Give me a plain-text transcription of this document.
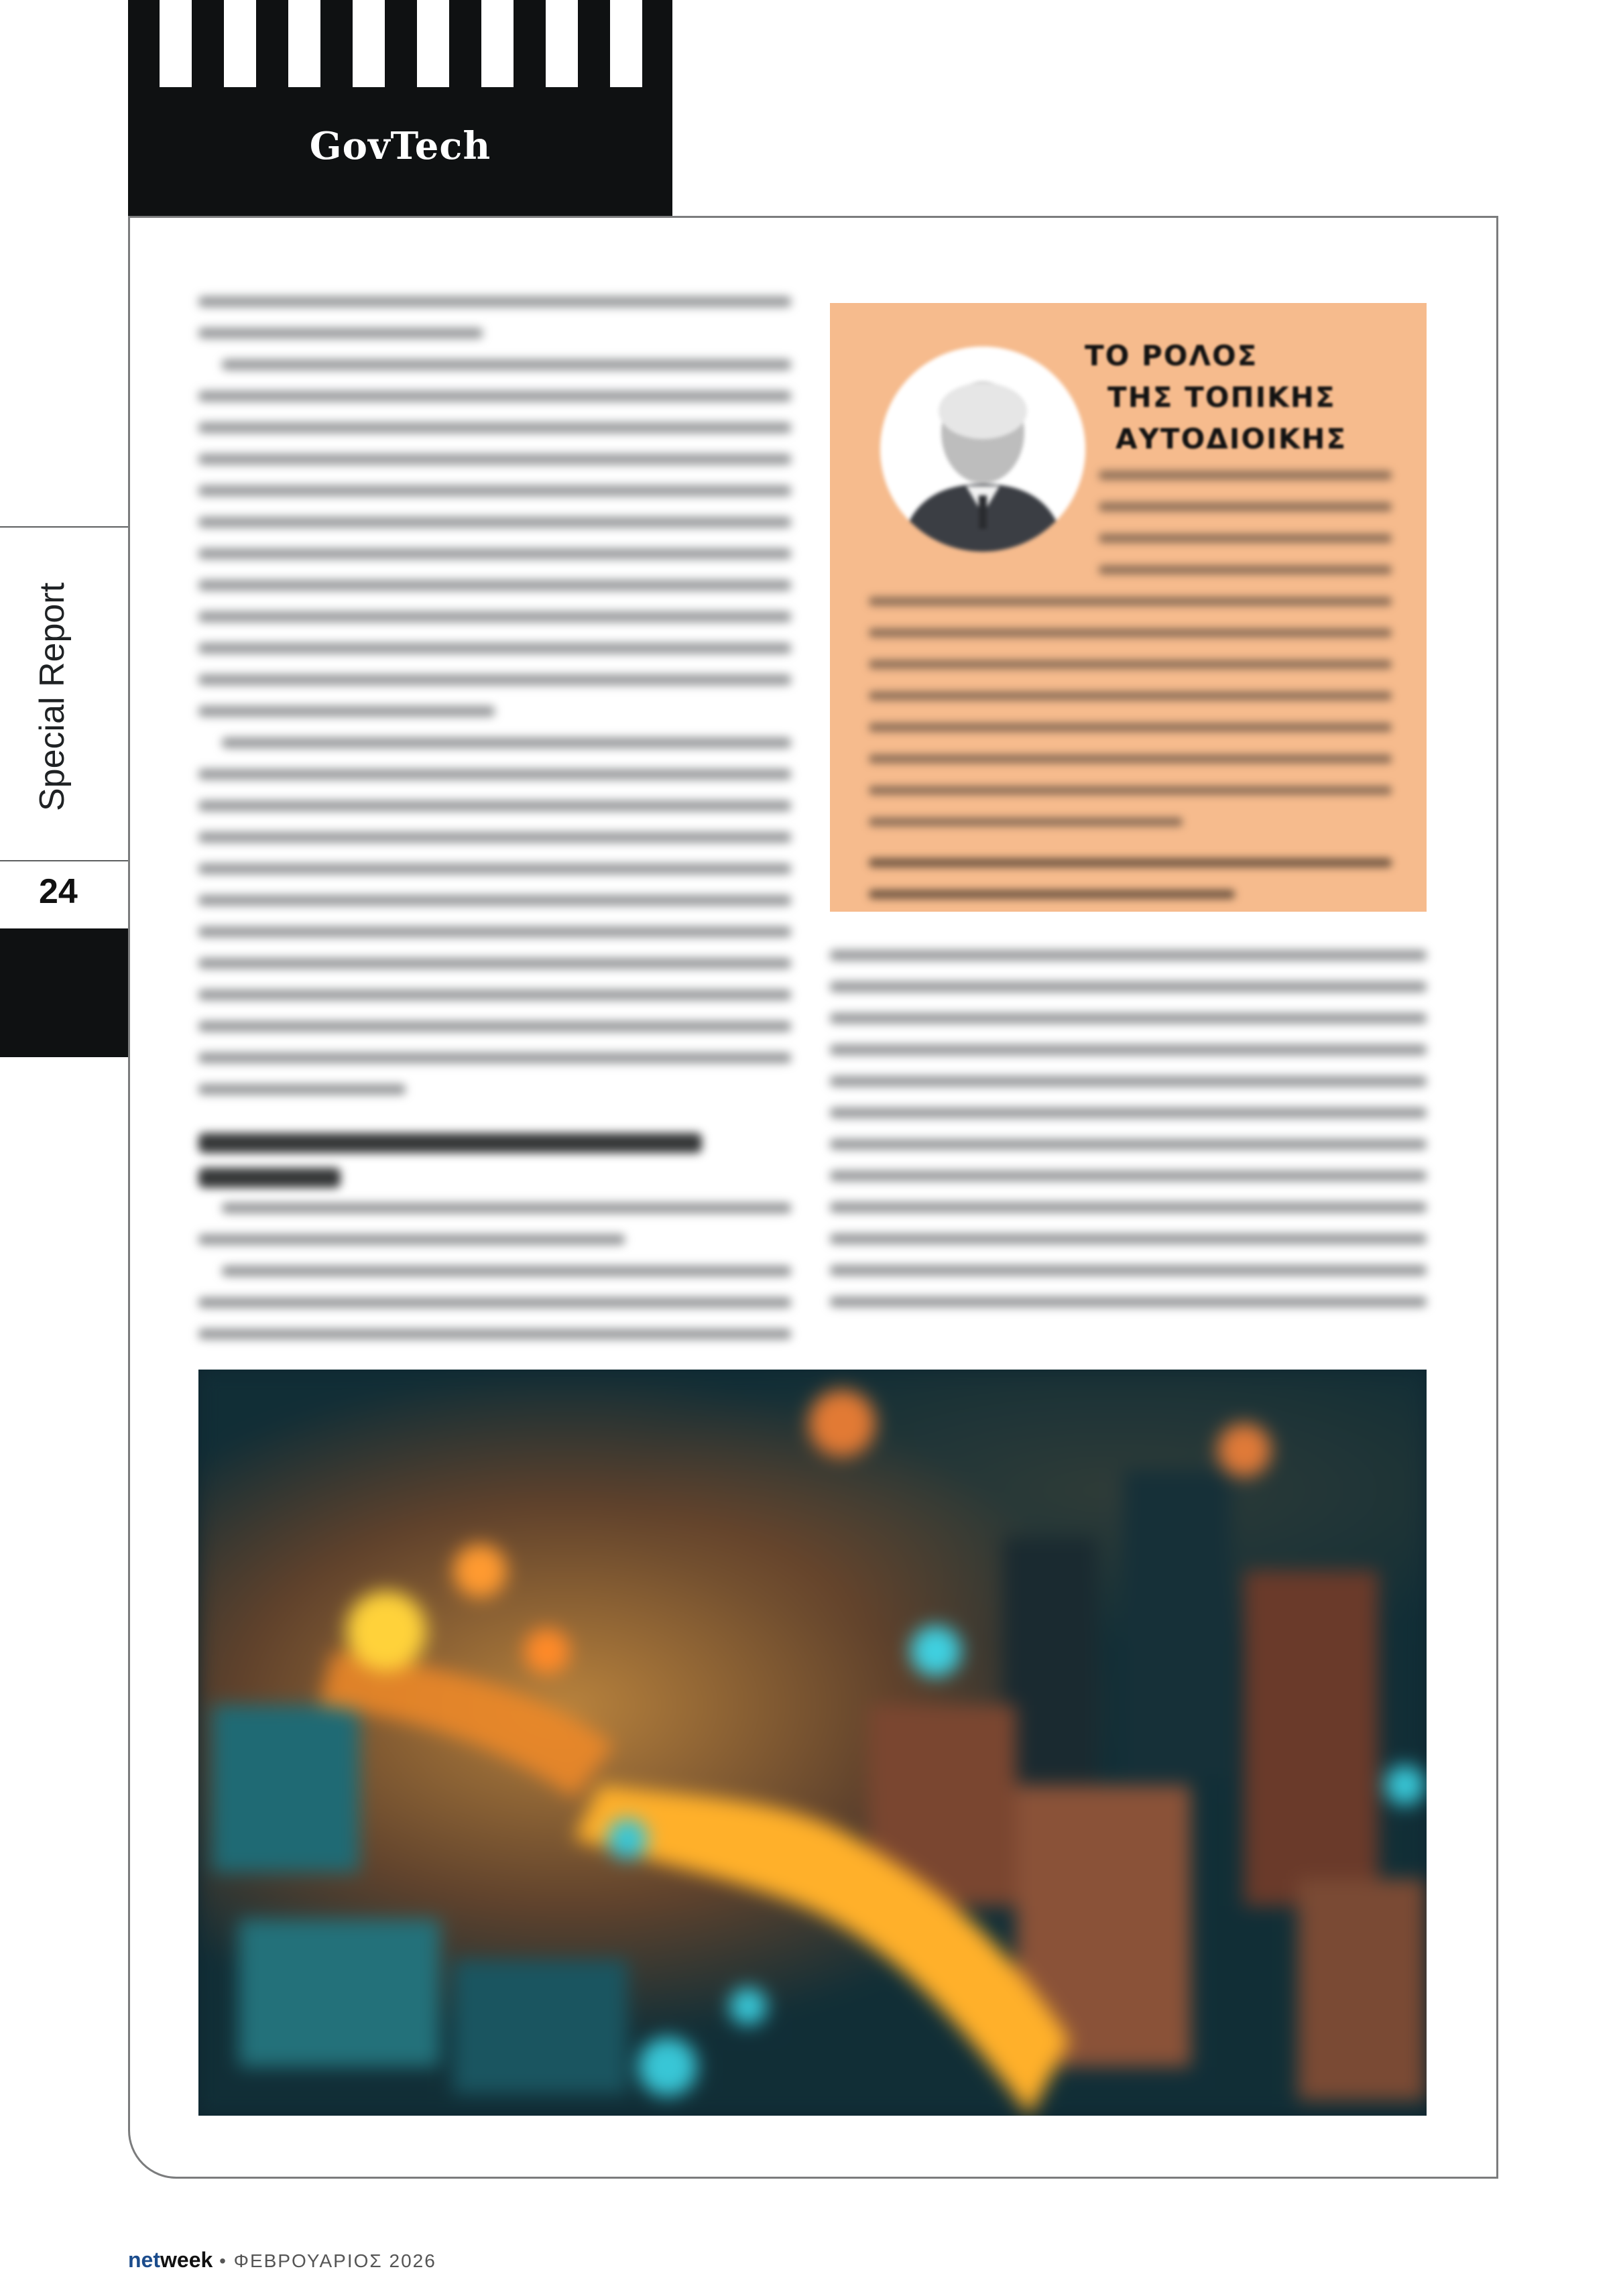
GovTech
Special Report
24
ΤΟ ΡΟΛΟΣ
ΤΗΣ ΤΟΠΙΚΗΣ
ΑΥΤΟΔΙΟΙΚΗΣ
netweek • ΦΕΒΡΟΥΑΡΙΟΣ 2026
